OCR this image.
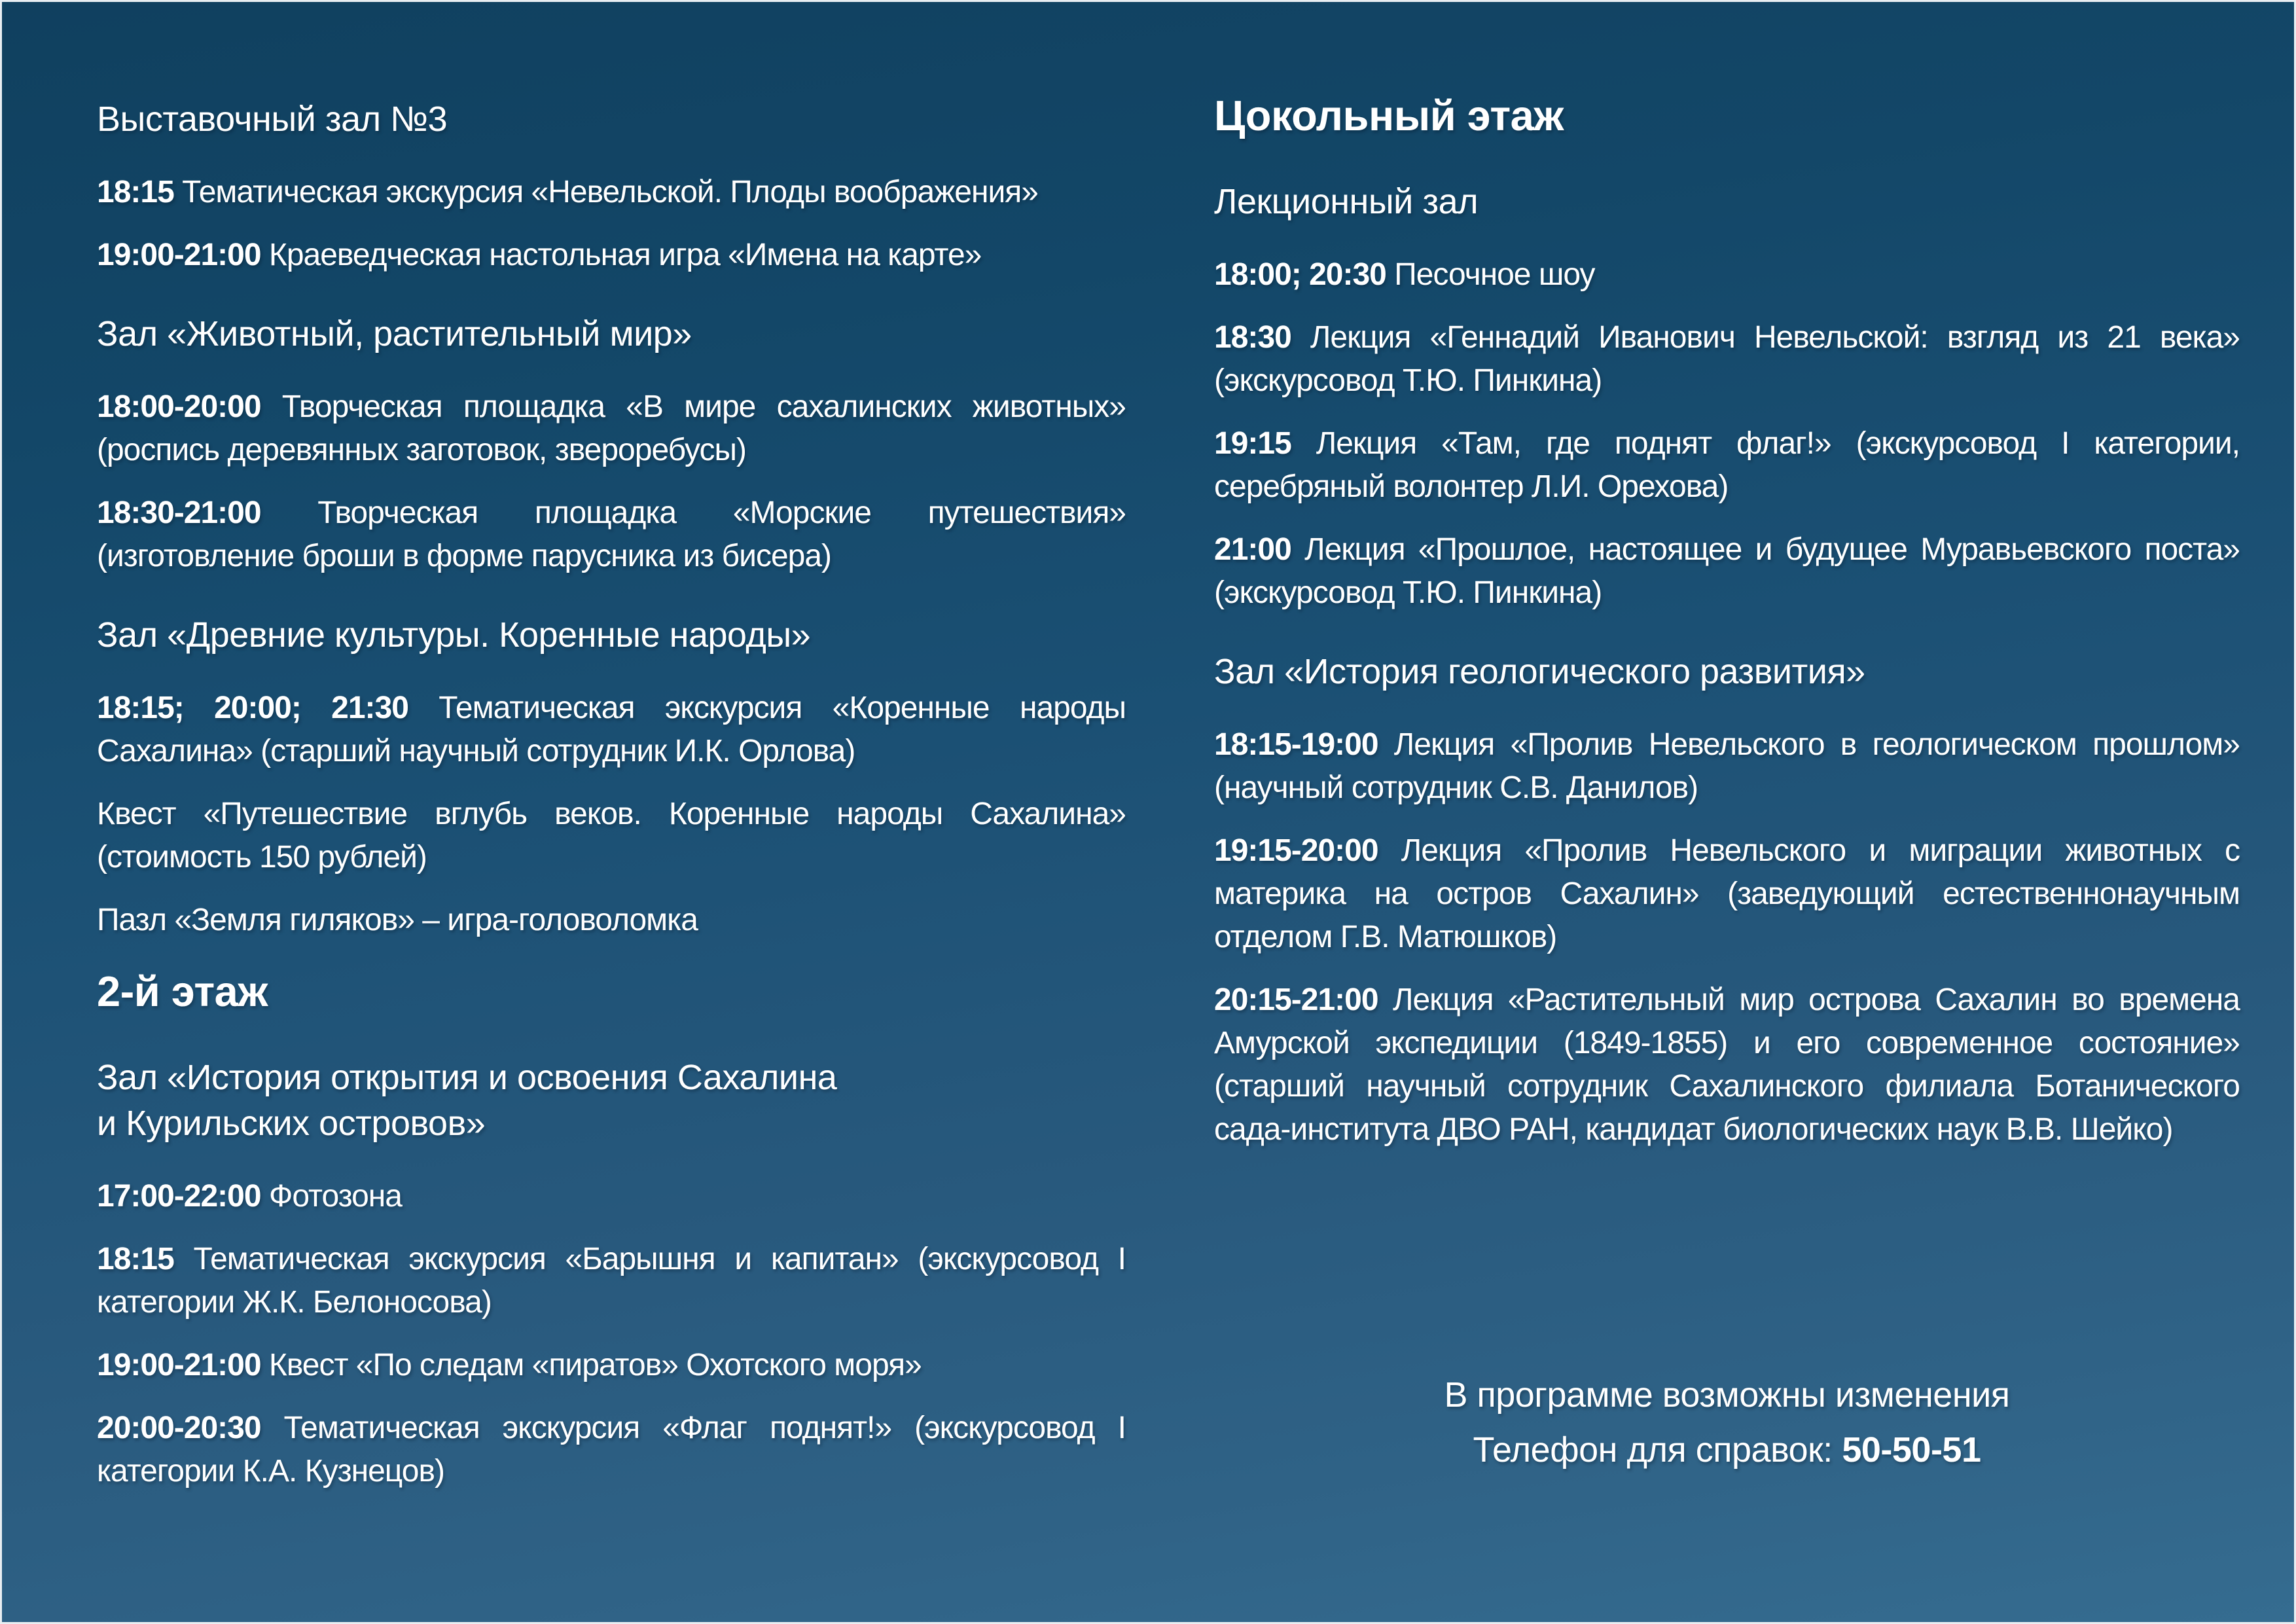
Выставочный зал №3

18:15 Тематическая экскурсия «Невельской. Плоды воображения»

19:00-21:00 Краеведческая настольная игра «Имена на карте»

Зал «Животный, растительный мир»

18:00-20:00 Творческая площадка «В мире сахалинских животных» (роспись деревянных заготовок, звероребусы)

18:30-21:00 Творческая площадка «Морские путешествия» (изготовление броши в форме парусника из бисера)

Зал «Древние культуры. Коренные народы»

18:15; 20:00; 21:30 Тематическая экскурсия «Коренные народы Сахалина» (старший научный сотрудник И.К. Орлова)

Квест «Путешествие вглубь веков. Коренные народы Сахалина» (стоимость 150 рублей)

Пазл «Земля гиляков» – игра-головоломка

2-й этаж
Зал «История открытия и освоения Сахалина
и Курильских островов»

17:00-22:00 Фотозона

18:15 Тематическая экскурсия «Барышня и капитан» (экскурсовод I категории Ж.К. Белоносова)

19:00-21:00 Квест «По следам «пиратов» Охотского моря»

20:00-20:30 Тематическая экскурсия «Флаг поднят!» (экскурсовод I категории К.А. Кузнецов)

Цокольный этаж
Лекционный зал

18:00; 20:30 Песочное шоу

18:30 Лекция «Геннадий Иванович Невельской: взгляд из 21 века» (экскурсовод Т.Ю. Пинкина)

19:15 Лекция «Там, где поднят флаг!» (экскурсовод I категории, серебряный волонтер Л.И. Орехова)

21:00 Лекция «Прошлое, настоящее и будущее Муравьевского поста» (экскурсовод Т.Ю. Пинкина)

Зал «История геологического развития»

18:15-19:00 Лекция «Пролив Невельского в геологическом прошлом» (научный сотрудник С.В. Данилов)

19:15-20:00 Лекция «Пролив Невельского и миграции животных с материка на остров Сахалин» (заведующий естественнонаучным отделом Г.В. Матюшков)

20:15-21:00 Лекция «Растительный мир острова Сахалин во времена Амурской экспедиции (1849-1855) и его современное состояние» (старший научный сотрудник Сахалинского филиала Ботанического сада-института ДВО РАН, кандидат биологических наук В.В. Шейко)

В программе возможны изменения
Телефон для справок: 50-50-51
